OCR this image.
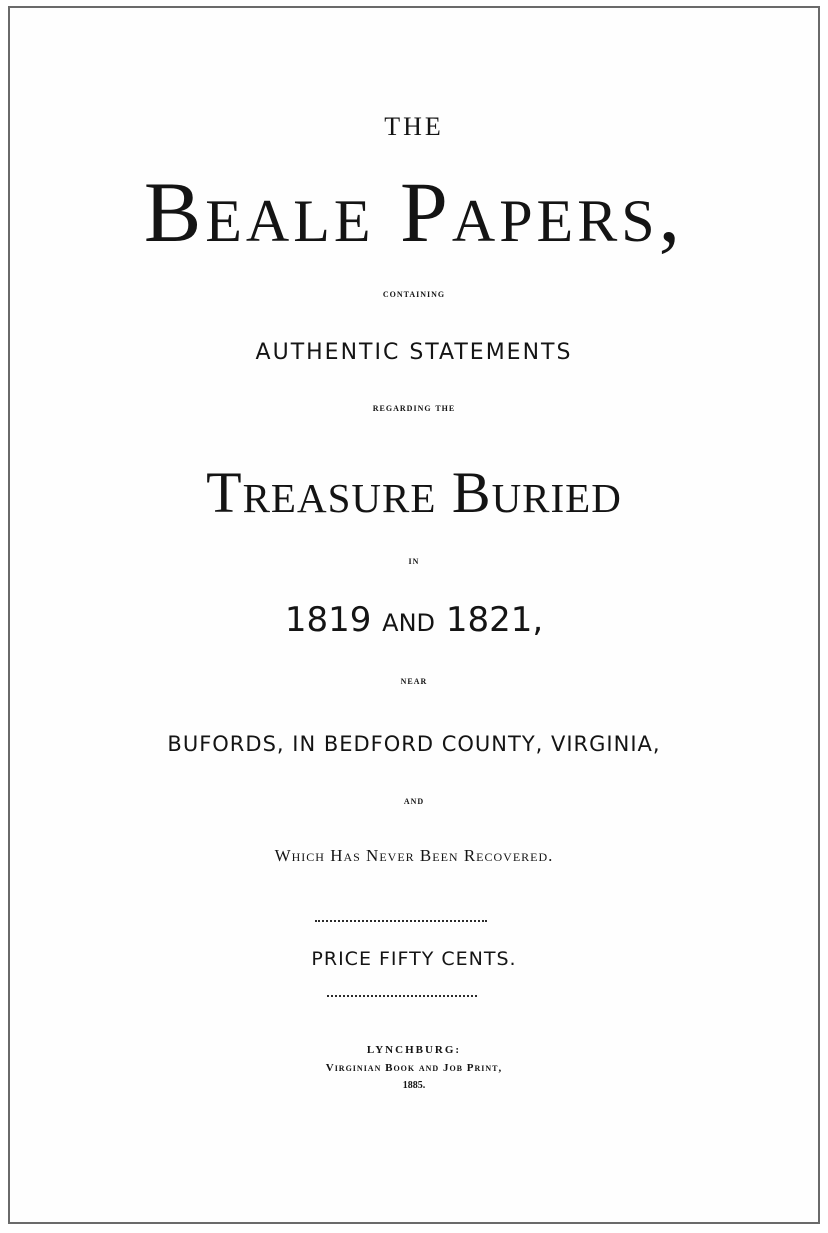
THE
Beale Papers,
containing
AUTHENTIC STATEMENTS
regarding the
Treasure Buried
in
1819 and 1821,
near
BUFORDS, IN BEDFORD COUNTY, VIRGINIA,
and
Which Has Never Been Recovered.
PRICE FIFTY CENTS.
LYNCHBURG:
Virginian Book and Job Print,
1885.
